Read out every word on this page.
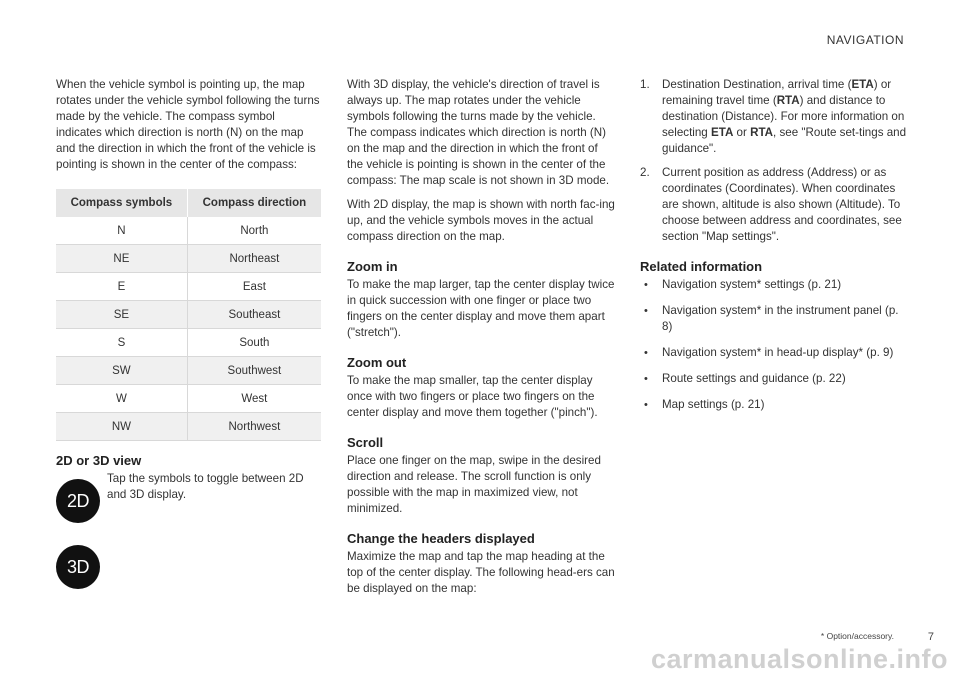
NAVIGATION

When the vehicle symbol is pointing up, the map rotates under the vehicle symbol following the turns made by the vehicle. The compass symbol indicates which direction is north (N) on the map and the direction in which the front of the vehicle is pointing is shown in the center of the compass:

Compass symbols	Compass direction
N	North
NE	Northeast
E	East
SE	Southeast
S	South
SW	Southwest
W	West
NW	Northwest
2D or 3D view
2D
3D
Tap the symbols to toggle between 2D and 3D display.

With 3D display, the vehicle's direction of travel is always up. The map rotates under the vehicle symbols following the turns made by the vehicle. The compass indicates which direction is north (N) on the map and the direction in which the front of the vehicle is pointing is shown in the center of the compass: The map scale is not shown in 3D mode.

With 2D display, the map is shown with north fac-ing up, and the vehicle symbols moves in the actual compass direction on the map.

Zoom in

To make the map larger, tap the center display twice in quick succession with one finger or place two fingers on the center display and move them apart ("stretch").

Zoom out

To make the map smaller, tap the center display once with two fingers or place two fingers on the center display and move them together ("pinch").

Scroll

Place one finger on the map, swipe in the desired direction and release. The scroll function is only possible with the map in maximized view, not minimized.

Change the headers displayed

Maximize the map and tap the map heading at the top of the center display. The following head-ers can be displayed on the map:

1. Destination Destination, arrival time (ETA) or remaining travel time (RTA) and distance to destination (Distance). For more information on selecting ETA or RTA, see "Route set-tings and guidance".
2. Current position as address (Address) or as coordinates (Coordinates). When coordinates are shown, altitude is also shown (Altitude). To choose between address and coordinates, see section "Map settings".
Related information
• Navigation system* settings (p. 21)
• Navigation system* in the instrument panel (p. 8)
• Navigation system* in head-up display* (p. 9)
• Route settings and guidance (p. 22)
• Map settings (p. 21)
* Option/accessory.	7
carmanualsonline.info
